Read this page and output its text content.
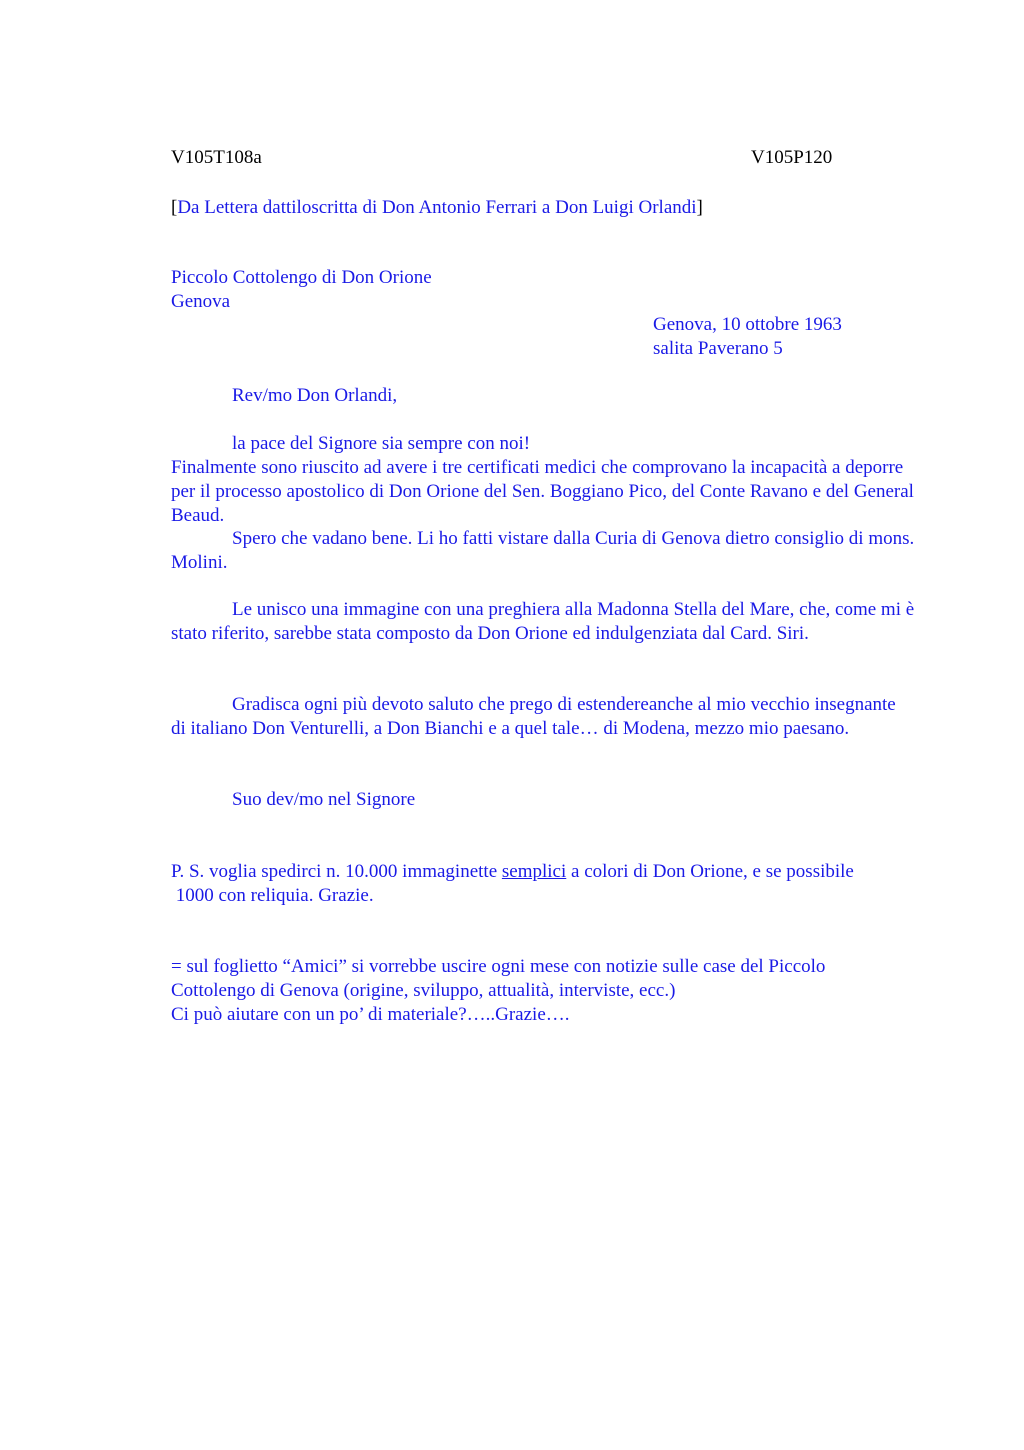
V105T108a	V105P120
[Da Lettera dattiloscritta di Don Antonio Ferrari a Don Luigi Orlandi]
Piccolo Cottolengo di Don Orione
Genova
Genova, 10 ottobre 1963
salita Paverano 5
Rev/mo Don Orlandi,

la pace del Signore sia sempre con noi!

Finalmente sono riuscito ad avere i tre certificati medici che comprovano la incapacità a deporre per il processo apostolico di Don Orione del Sen. Boggiano Pico, del Conte Ravano e del General Beaud.

Spero che vadano bene. Li ho fatti vistare dalla Curia di Genova dietro consiglio di mons. Molini.

Le unisco una immagine con una preghiera alla Madonna Stella del Mare, che, come mi è stato riferito, sarebbe stata composto da Don Orione ed indulgenziata dal Card. Siri.

Gradisca ogni più devoto saluto che prego di estendereanche al mio vecchio insegnante di italiano Don Venturelli, a Don Bianchi e a quel tale… di Modena, mezzo mio paesano.

Suo dev/mo nel Signore
P. S. voglia spedirci n. 10.000 immaginette semplici a colori di Don Orione, e se possibile
1000 con reliquia. Grazie.
= sul foglietto “Amici” si vorrebbe uscire ogni mese con notizie sulle case del Piccolo
Cottolengo di Genova (origine, sviluppo, attualità, interviste, ecc.)
Ci può aiutare con un po’ di materiale?…..Grazie….
